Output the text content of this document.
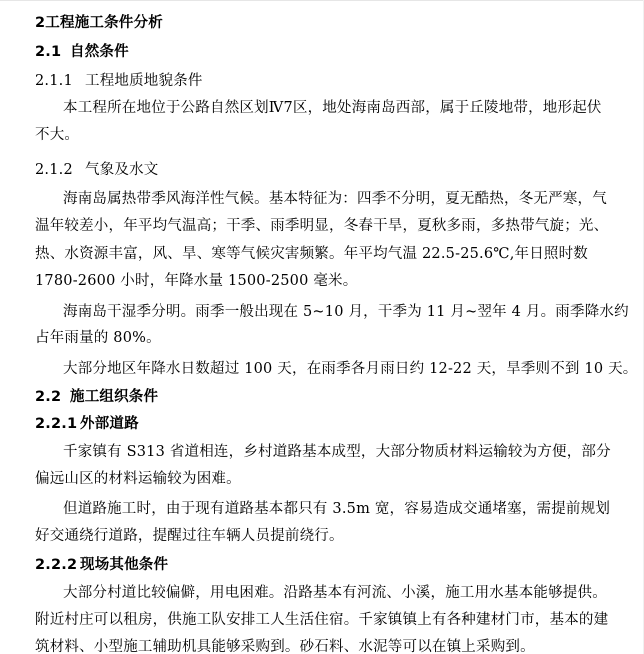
2工程施工条件分析
2.1 自然条件
2.1.1 工程地质地貌条件
本工程所在地位于公路自然区划Ⅳ7区，地处海南岛西部，属于丘陵地带，地形起伏
不大。
2.1.2 气象及水文
海南岛属热带季风海洋性气候。基本特征为：四季不分明，夏无酷热，冬无严寒，气
温年较差小，年平均气温高；干季、雨季明显，冬春干旱，夏秋多雨，多热带气旋；光、
热、水资源丰富，风、旱、寒等气候灾害频繁。年平均气温 22.5-25.6℃,年日照时数
1780-2600 小时，年降水量 1500-2500 毫米。
海南岛干湿季分明。雨季一般出现在 5~10 月，干季为 11 月~翌年 4 月。雨季降水约
占年雨量的 80%。
大部分地区年降水日数超过 100 天，在雨季各月雨日约 12-22 天，旱季则不到 10 天。
2.2 施工组织条件
2.2.1 外部道路
千家镇有 S313 省道相连，乡村道路基本成型，大部分物质材料运输较为方便，部分
偏远山区的材料运输较为困难。
但道路施工时，由于现有道路基本都只有 3.5m 宽，容易造成交通堵塞，需提前规划
好交通绕行道路，提醒过往车辆人员提前绕行。
2.2.2 现场其他条件
大部分村道比较偏僻，用电困难。沿路基本有河流、小溪，施工用水基本能够提供。
附近村庄可以租房，供施工队安排工人生活住宿。千家镇镇上有各种建材门市，基本的建
筑材料、小型施工辅助机具能够采购到。砂石料、水泥等可以在镇上采购到。
